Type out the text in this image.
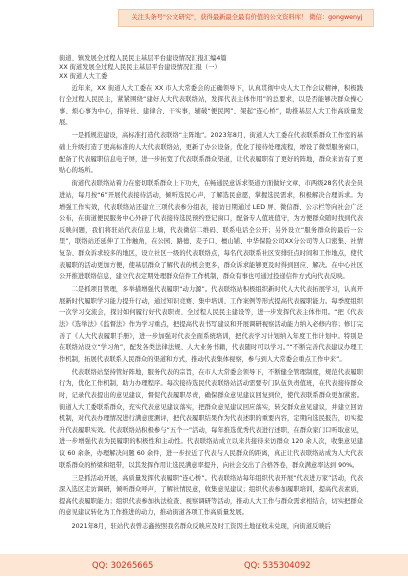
关注头条号"公文研究"，获得最新最全最有价值的公文资料库！ 微信：gongwenyj

街道、镇发展全过程人民民主基层平台建设情况汇报汇编4篇

XX 街道发展全过程人民民主基层平台建设情况汇报（一）

XX 街道人大工委

近年来，XX 街道人大工委在 XX 市人大常委会的正确领导下，认真贯彻中央人大工作会议精神，积极践行全过程人民民主，紧紧围绕“建好人大代表联络站，发挥代表主体作用”的总要求，以是否能够决群众操心事、烦心事为中心，指导社、建律合、干实事，辅破“便民网”、架起“连心桥”，助推基层人大工作高质量发展。

一是抓规范建设，高标准打造代表联络“主阵地”。2023年8月，街道人大工委在代表联系群众工作室的基础上升级打造了更高标准的人大代表联络站，更新了办公设备，优化了接待处理流程，增设了微型服务窗口，配备了代表履职信息电子屏，进一步拓宽了代表联系群众渠道，让代表履职有了更好的阵地，群众来访有了更贴心的场所。

街道代表联络站着力在密切联系群众上下功夫，在畅通民意诉求渠道方面做好文章，市两级28名代表全员进站，每月按“6”开展代表接待活动，倾听选民心声，了解选民意愿，掌握选民需求，积极解决合理诉求。为增强工作实效，代表联络站还建立三项代表参分组表，接访日期通过 LED 屏、微信群、公示栏等向社会广泛公布，在街道便民服务中心外辟了代表接待选民预约登记窗口，配备专人值班值守，为方便群众随时找到代表反映问题，我们将驻站代表信息上墙，代表微信二维码、联系电话全公开；另外设立“服务群众的最后一公里”，联络站还延伸了工作触角，在公园、路德、麦子口、檀山铺、中华保险公司XX分公司等人口密集、社情复杂、群众诉求较多的地区，设立社区一级的代表联络点，每名代表联系社区安排驻点时间和工作地点，使代表履职的活动更加方便，使基层群众了解代表的机会更多，群众诉求能够更及时得到回应、解决。在中心社区公开推进联络信息，建立代表定期处理群众信件工作机制，群众有事也可通过投递信件方式向代表反映。

二是抓项目管理，多举措增强代表履职“动力源”。代表联络站积极组织新时代人大代表拓展学习，认真开展新时代履职学习能力提升行动，通过知识竞赛、集中培训、工作案例等形式提高代表履职能力。每季度组织一次学习交流会，探讨如何履行好代表职责、全过程人民民主建设等，进一步发挥代表主体作用。“把《代表法》《选举法》《监督法》作为学习重点，把提高代表书写建议和开展调研视察活动能力纳入必修内容；修订完善了《人大代表履职手册》，进一步加强对代表全面系统培训，把代表学习计划纳入年度工作计划中。特别是在联络站设立“学习角”，配发各类法律法规、人大业务书籍，代表随时可以学习。”“不断完善代表建议办理工作机制，拓展代表联系人民群众的渠道和方式，推动代表集体视察，参与到人大常委会重点工作中来”。

代表联络站坚持管好阵地，服务代表的宗旨，在市人大常委会领导下，不断健全管理制度，规范代表履职行为，优化工作机制，助力办理程序。每次接待选民代表联络站活动需要专门队伍负责值班，在代表接待群众时，记录代表提出的意见建议，督促代表履职尽责，确保群众意见建议回复到位，使代表联系群众更加紧密。街道人大工委联系群众，充实代表意见建议落实，把群众意见建议回应落实，转交群众意见建议，并建立回访机制，对代表办理情况进行满意度测评，把代表履职结果作为代表述职的重要内容，定期向选民报告，切实提升代表履职实效。代表联络站积极参与“五个一”活动，每年推选优秀代表进行述职，在群众家门口听取意见，进一步增强代表为民履职的积极性和主动性。代表联络站成立以来共接待来访群众 120 余人次，收集意见建议 60 余条，办理解决问题 60 余件，进一步拉近了代表与人民群众的距离，真正让代表联络站成为人大代表联系群众的桥梁和纽带，以其发挥作用让选民满意率提升，向社会交出了合格答卷，群众满意率达到 90%。

三是抓活动开展，高质量发挥代表履职“连心桥”。代表联络站每年组织代表开展“代表进万家”活动，代表深入选区走访调研，倾听群众呼声，了解社情民意，收集意见建议；组织代表参加履职培训，提高代表素质，提高代表履职能力；组织代表参加执法检查、视察调研等活动，推动人大工作与群众需求相结合，切实把群众的意见建议转化为工作推进的动力，推动街道各项工作高质量发展。

2021年8月，驻站代表曾志鑫按照我名群众反映应及时工资因土地征收未兑现，向街道反映后

QQ: 30265665	QQ: 535304092
